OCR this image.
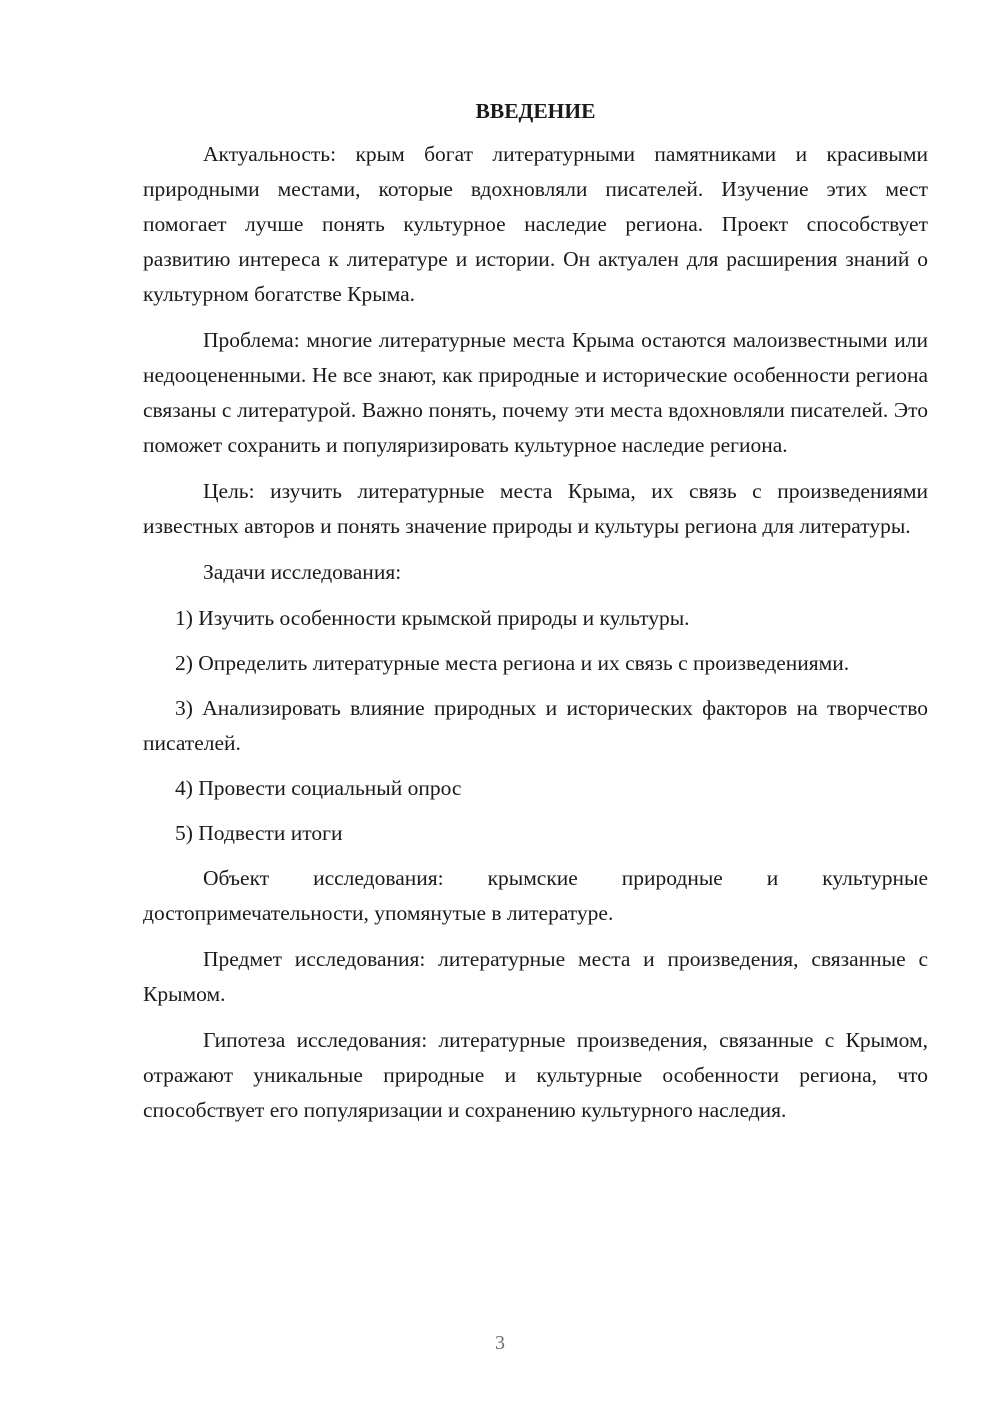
ВВЕДЕНИЕ

Актуальность: крым богат литературными памятниками и красивыми природными местами, которые вдохновляли писателей. Изучение этих мест помогает лучше понять культурное наследие региона. Проект способствует развитию интереса к литературе и истории. Он актуален для расширения знаний о культурном богатстве Крыма.

Проблема: многие литературные места Крыма остаются малоизвестными или недооцененными. Не все знают, как природные и исторические особенности региона связаны с литературой. Важно понять, почему эти места вдохновляли писателей. Это поможет сохранить и популяризировать культурное наследие региона.

Цель: изучить литературные места Крыма, их связь с произведениями известных авторов и понять значение природы и культуры региона для литературы.

Задачи исследования:

1) Изучить особенности крымской природы и культуры.

2) Определить литературные места региона и их связь с произведениями.

3) Анализировать влияние природных и исторических факторов на творчество писателей.

4) Провести социальный опрос

5) Подвести итоги

Объект исследования: крымские природные и культурные достопримечательности, упомянутые в литературе.

Предмет исследования: литературные места и произведения, связанные с Крымом.

Гипотеза исследования: литературные произведения, связанные с Крымом, отражают уникальные природные и культурные особенности региона, что способствует его популяризации и сохранению культурного наследия.

3
